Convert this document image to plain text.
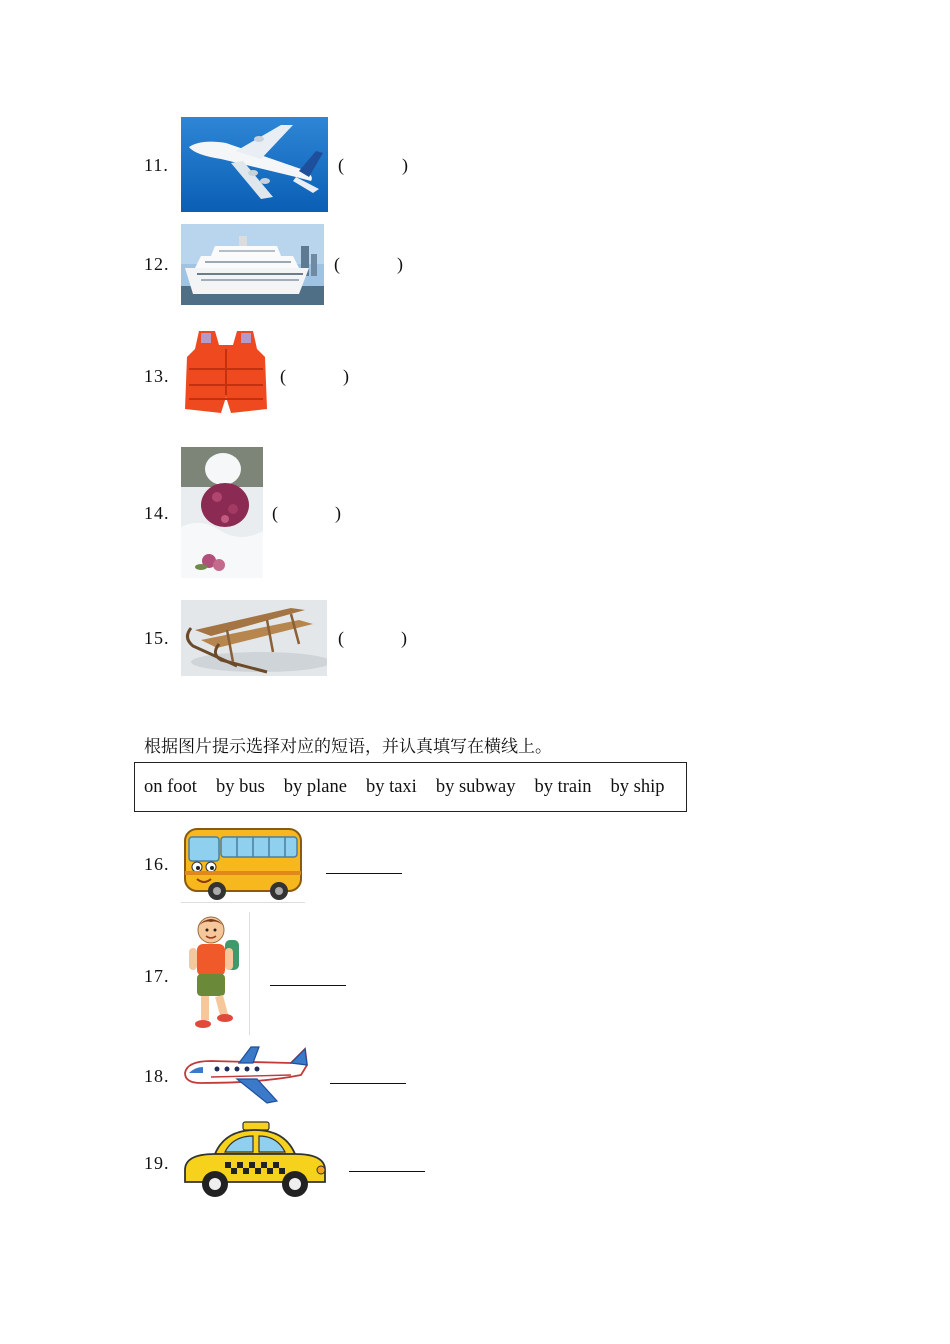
11.	(	)
12.	(	)
13.	(	)
14.	(	)
15.	(	)
根据图片提示选择对应的短语，并认真填写在横线上。
on foot by bus by plane by taxi by subway by train by ship
16.
17.
18.
19.
